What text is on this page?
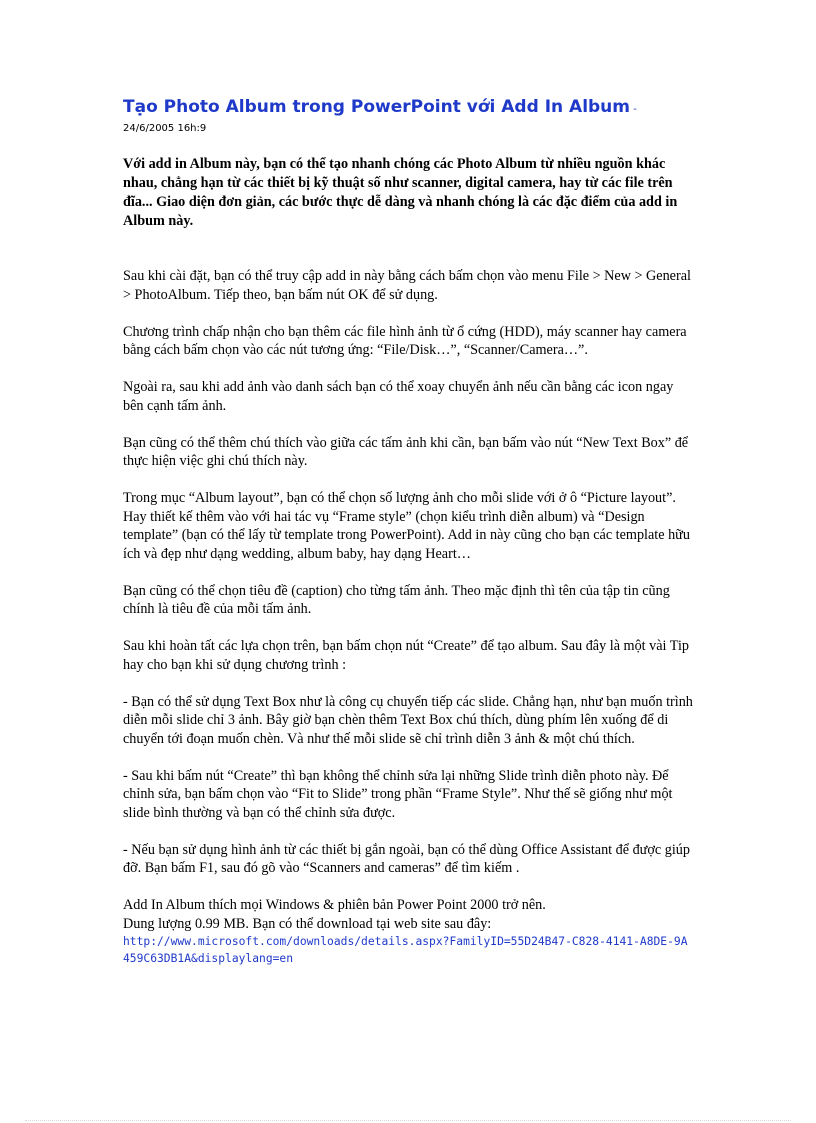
Tạo Photo Album trong PowerPoint với Add In Album -

24/6/2005 16h:9

Với add in Album này, bạn có thể tạo nhanh chóng các Photo Album từ nhiều nguồn khác nhau, chẳng hạn từ các thiết bị kỹ thuật số như scanner, digital camera, hay từ các file trên đĩa... Giao diện đơn giản, các bước thực dễ dàng và nhanh chóng là các đặc điểm của add in Album này.

Sau khi cài đặt, bạn có thể truy cập add in này bằng cách bấm chọn vào menu File > New > General > PhotoAlbum. Tiếp theo, bạn bấm nút OK để sử dụng.

Chương trình chấp nhận cho bạn thêm các file hình ảnh từ ổ cứng (HDD), máy scanner hay camera bằng cách bấm chọn vào các nút tương ứng: “File/Disk…”, “Scanner/Camera…”.

Ngoài ra, sau khi add ảnh vào danh sách bạn có thể xoay chuyển ảnh nếu cần bằng các icon ngay bên cạnh tấm ảnh.

Bạn cũng có thể thêm chú thích vào giữa các tấm ảnh khi cần, bạn bấm vào nút “New Text Box” để thực hiện việc ghi chú thích này.

Trong mục “Album layout”, bạn có thể chọn số lượng ảnh cho mỗi slide với ở ô “Picture layout”. Hay thiết kế thêm vào với hai tác vụ “Frame style” (chọn kiểu trình diễn album) và “Design template” (bạn có thể lấy từ template trong PowerPoint). Add in này cũng cho bạn các template hữu ích và đẹp như dạng wedding, album baby, hay dạng Heart…

Bạn cũng có thể chọn tiêu đề (caption) cho từng tấm ảnh. Theo mặc định thì tên của tập tin cũng chính là tiêu đề của mỗi tấm ảnh.

Sau khi hoàn tất các lựa chọn trên, bạn bấm chọn nút “Create” để tạo album. Sau đây là một vài Tip hay cho bạn khi sử dụng chương trình :

- Bạn có thể sử dụng Text Box như là công cụ chuyển tiếp các slide. Chẳng hạn, như bạn muốn trình diễn mỗi slide chỉ 3 ảnh. Bây giờ bạn chèn thêm Text Box chú thích, dùng phím lên xuống để di chuyển tới đoạn muốn chèn. Và như thế mỗi slide sẽ chỉ trình diễn 3 ảnh & một chú thích.

- Sau khi bấm nút “Create” thì bạn không thể chỉnh sửa lại những Slide trình diễn photo này. Để chỉnh sửa, bạn bấm chọn vào “Fit to Slide” trong phần “Frame Style”. Như thế sẽ giống như một slide bình thường và bạn có thể chỉnh sửa được.

- Nếu bạn sử dụng hình ảnh từ các thiết bị gắn ngoài, bạn có thể dùng Office Assistant để được giúp đỡ. Bạn bấm F1, sau đó gõ vào “Scanners and cameras” để tìm kiếm .

Add In Album thích mọi Windows & phiên bản Power Point 2000 trở nên.

Dung lượng 0.99 MB. Bạn có thể download tại web site sau đây:

http://www.microsoft.com/downloads/details.aspx?FamilyID=55D24B47-C828-4141-A8DE-9A459C63DB1A&displaylang=en
